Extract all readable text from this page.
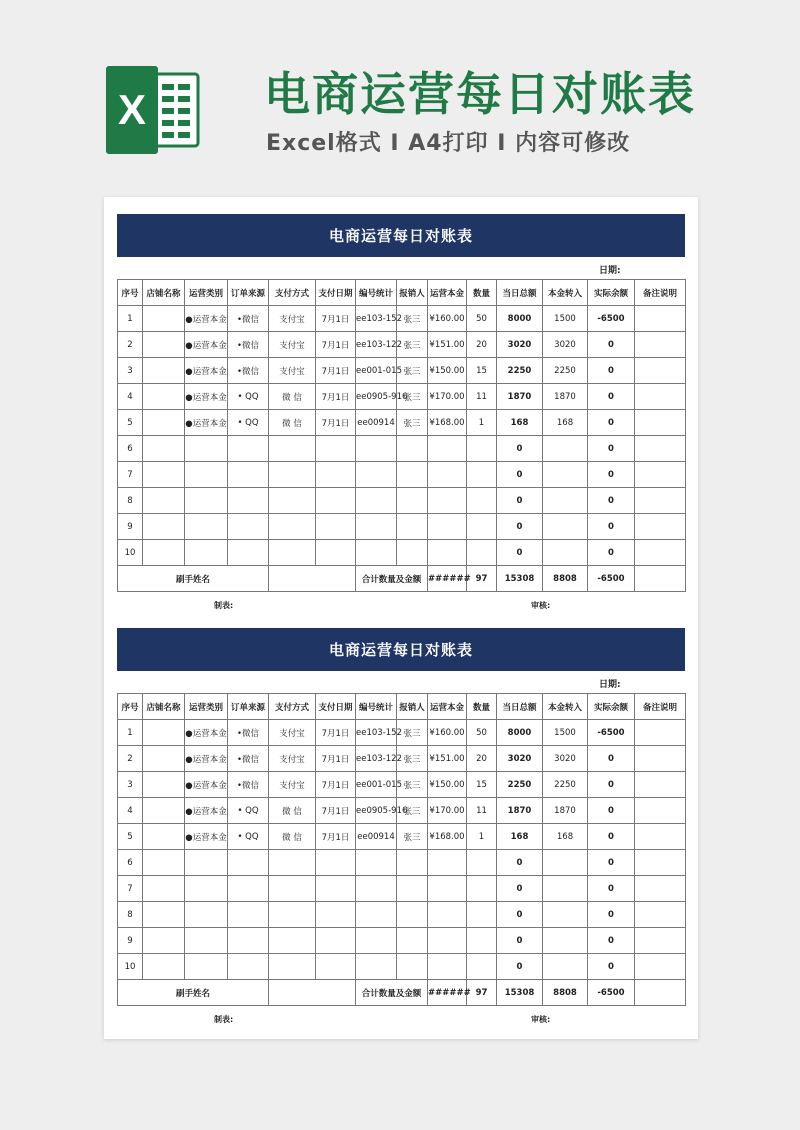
X	电商运营每日对账表
Excel格式 I A4打印 I 内容可修改
电商运营每日对账表
日期:
序号	店铺名称	运营类别	订单来源	支付方式	支付日期	编号统计	报销人	运营本金	数量	当日总额	本金转入	实际余额	备注说明
1		●运营本金	•微信	支付宝	7月1日	ee103-152	张三	¥160.00	50	8000	1500	-6500	
2		●运营本金	•微信	支付宝	7月1日	ee103-122	张三	¥151.00	20	3020	3020	0	
3		●运营本金	•微信	支付宝	7月1日	ee001-015	张三	¥150.00	15	2250	2250	0	
4		●运营本金	• QQ	微 信	7月1日	ee0905-916	张三	¥170.00	11	1870	1870	0	
5		●运营本金	• QQ	微 信	7月1日	ee00914	张三	¥168.00	1	168	168	0	
6										0		0	
7										0		0	
8										0		0	
9										0		0	
10										0		0	
刷手姓名						合计数量及金额		######	97	15308	8808	-6500	
制表:	审核:
电商运营每日对账表
日期:
序号	店铺名称	运营类别	订单来源	支付方式	支付日期	编号统计	报销人	运营本金	数量	当日总额	本金转入	实际余额	备注说明
1		●运营本金	•微信	支付宝	7月1日	ee103-152	张三	¥160.00	50	8000	1500	-6500	
2		●运营本金	•微信	支付宝	7月1日	ee103-122	张三	¥151.00	20	3020	3020	0	
3		●运营本金	•微信	支付宝	7月1日	ee001-015	张三	¥150.00	15	2250	2250	0	
4		●运营本金	• QQ	微 信	7月1日	ee0905-916	张三	¥170.00	11	1870	1870	0	
5		●运营本金	• QQ	微 信	7月1日	ee00914	张三	¥168.00	1	168	168	0	
6										0		0	
7										0		0	
8										0		0	
9										0		0	
10										0		0	
刷手姓名						合计数量及金额		######	97	15308	8808	-6500	
制表:	审核:
